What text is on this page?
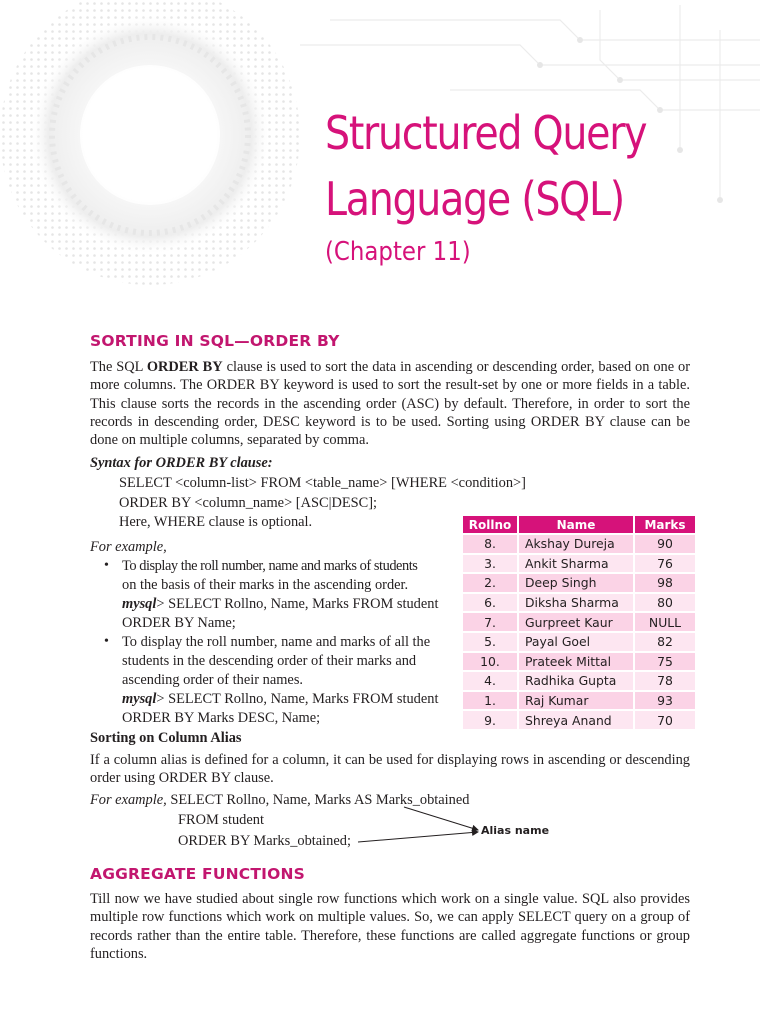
Structured Query
Language (SQL)
(Chapter 11)
SORTING IN SQL—ORDER BY

The SQL ORDER BY clause is used to sort the data in ascending or descending order, based on one or more columns. The ORDER BY keyword is used to sort the result-set by one or more fields in a table. This clause sorts the records in the ascending order (ASC) by default. Therefore, in order to sort the records in descending order, DESC keyword is to be used. Sorting using ORDER BY clause can be done on multiple columns, separated by comma.

Syntax for ORDER BY clause:
SELECT <column-list> FROM <table_name> [WHERE <condition>]
ORDER BY <column_name> [ASC|DESC];
Here, WHERE clause is optional.
For example,
• To display the roll number, name and marks of students
on the basis of their marks in the ascending order.
mysql> SELECT Rollno, Name, Marks FROM student
ORDER BY Name;
• To display the roll number, name and marks of all the
students in the descending order of their marks and
ascending order of their names.
mysql> SELECT Rollno, Name, Marks FROM student
ORDER BY Marks DESC, Name;
Rollno	Name	Marks
8.	Akshay Dureja	90
3.	Ankit Sharma	76
2.	Deep Singh	98
6.	Diksha Sharma	80
7.	Gurpreet Kaur	NULL
5.	Payal Goel	82
10.	Prateek Mittal	75
4.	Radhika Gupta	78
1.	Raj Kumar	93
9.	Shreya Anand	70
Sorting on Column Alias

If a column alias is defined for a column, it can be used for displaying rows in ascending or descending order using ORDER BY clause.

For example, SELECT Rollno, Name, Marks AS Marks_obtained
FROM student
ORDER BY Marks_obtained;
Alias name
AGGREGATE FUNCTIONS

Till now we have studied about single row functions which work on a single value. SQL also provides multiple row functions which work on multiple values. So, we can apply SELECT query on a group of records rather than the entire table. Therefore, these functions are called aggregate functions or group functions.
